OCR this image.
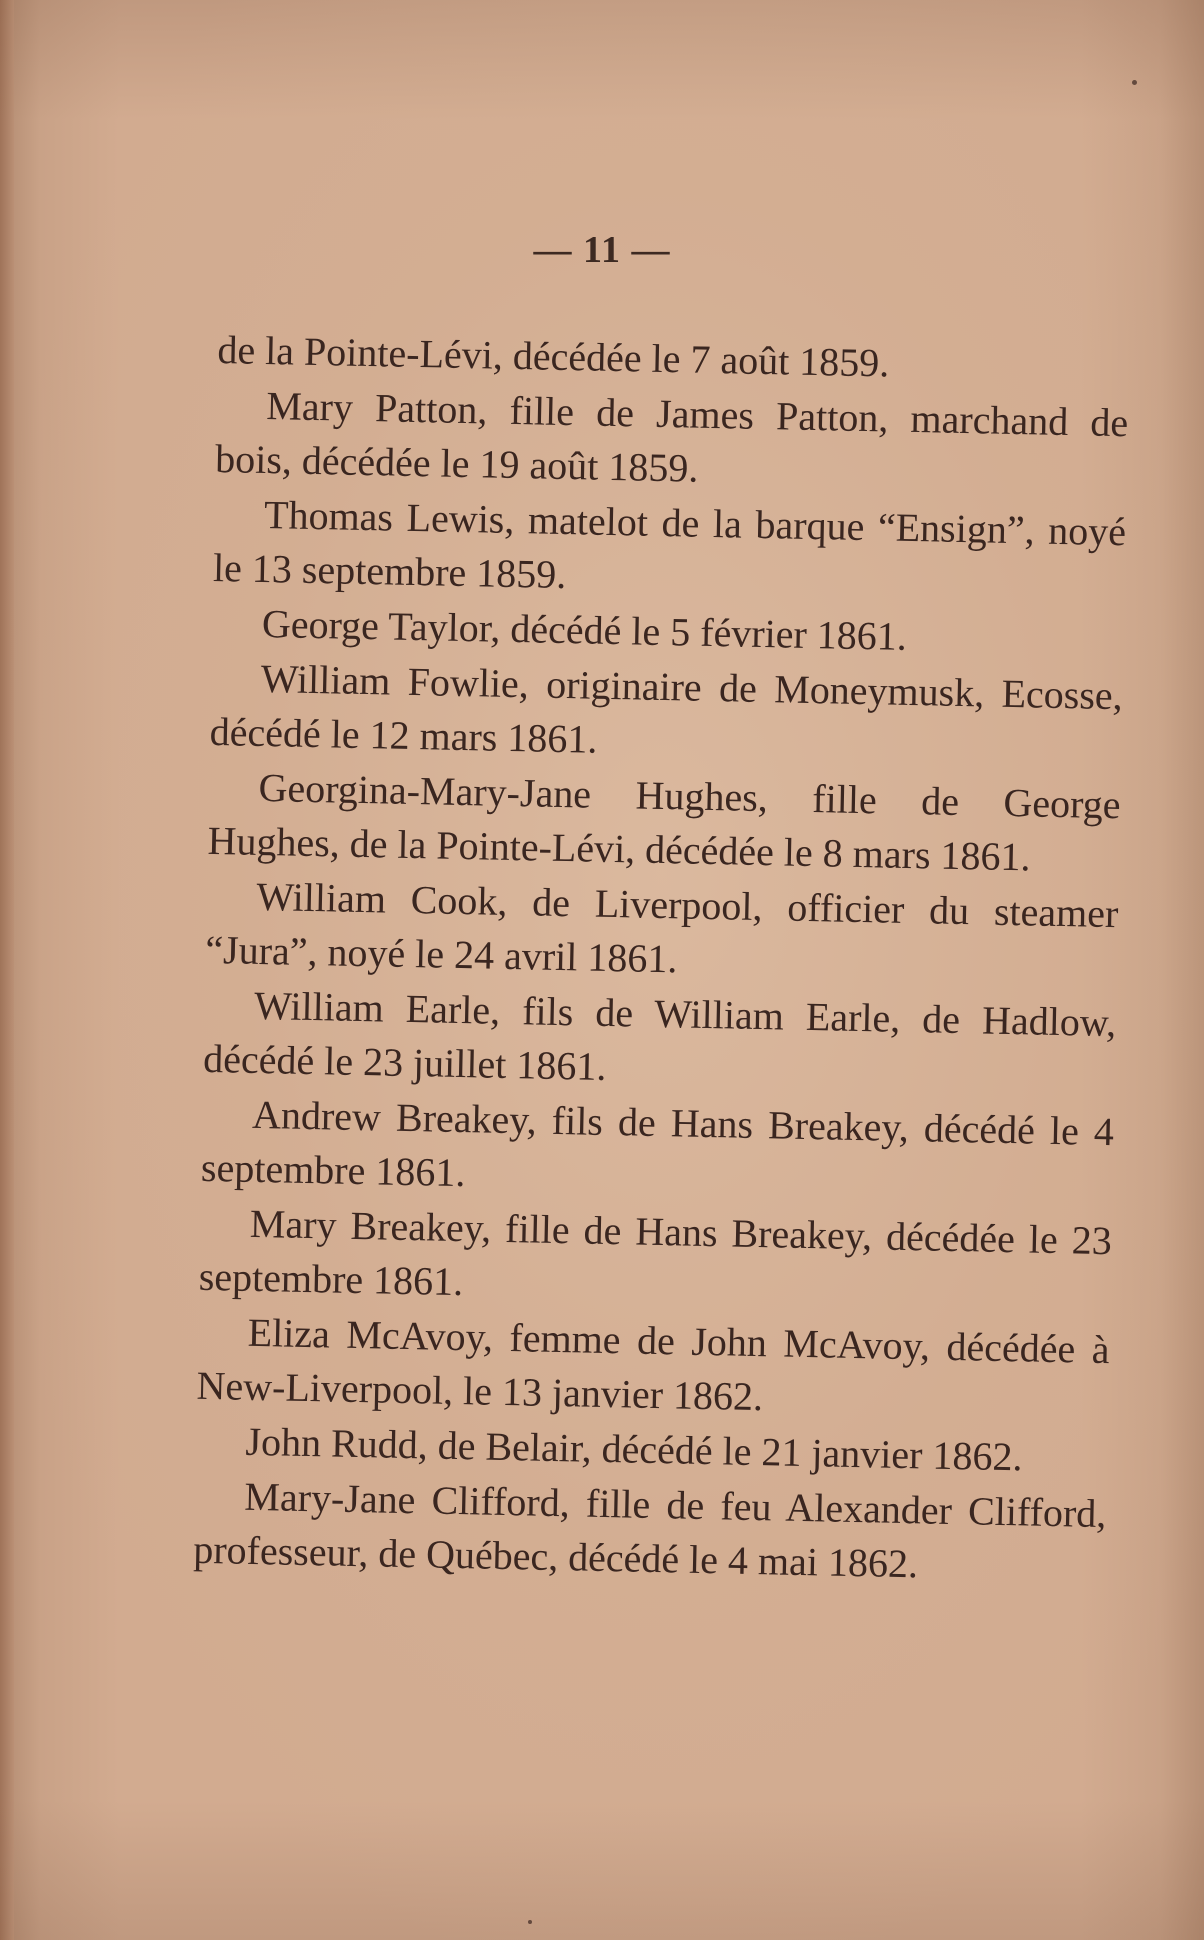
— 11 —

de la Pointe-Lévi, décédée le 7 août 1859.

Mary Patton, fille de James Patton, marchand de bois, décédée le 19 août 1859.

Thomas Lewis, matelot de la barque “Ensign”, noyé le 13 septembre 1859.

George Taylor, décédé le 5 février 1861.

William Fowlie, originaire de Moneymusk, Ecosse, décédé le 12 mars 1861.

Georgina-Mary-Jane Hughes, fille de George Hughes, de la Pointe-Lévi, décédée le 8 mars 1861.

William Cook, de Liverpool, officier du steamer “Jura”, noyé le 24 avril 1861.

William Earle, fils de William Earle, de Hadlow, décédé le 23 juillet 1861.

Andrew Breakey, fils de Hans Breakey, décédé le 4 septembre 1861.

Mary Breakey, fille de Hans Breakey, décédée le 23 septembre 1861.

Eliza McAvoy, femme de John McAvoy, décédée à New-Liverpool, le 13 janvier 1862.

John Rudd, de Belair, décédé le 21 janvier 1862.

Mary-Jane Clifford, fille de feu Alexander Clifford, professeur, de Québec, décédé le 4 mai 1862.
